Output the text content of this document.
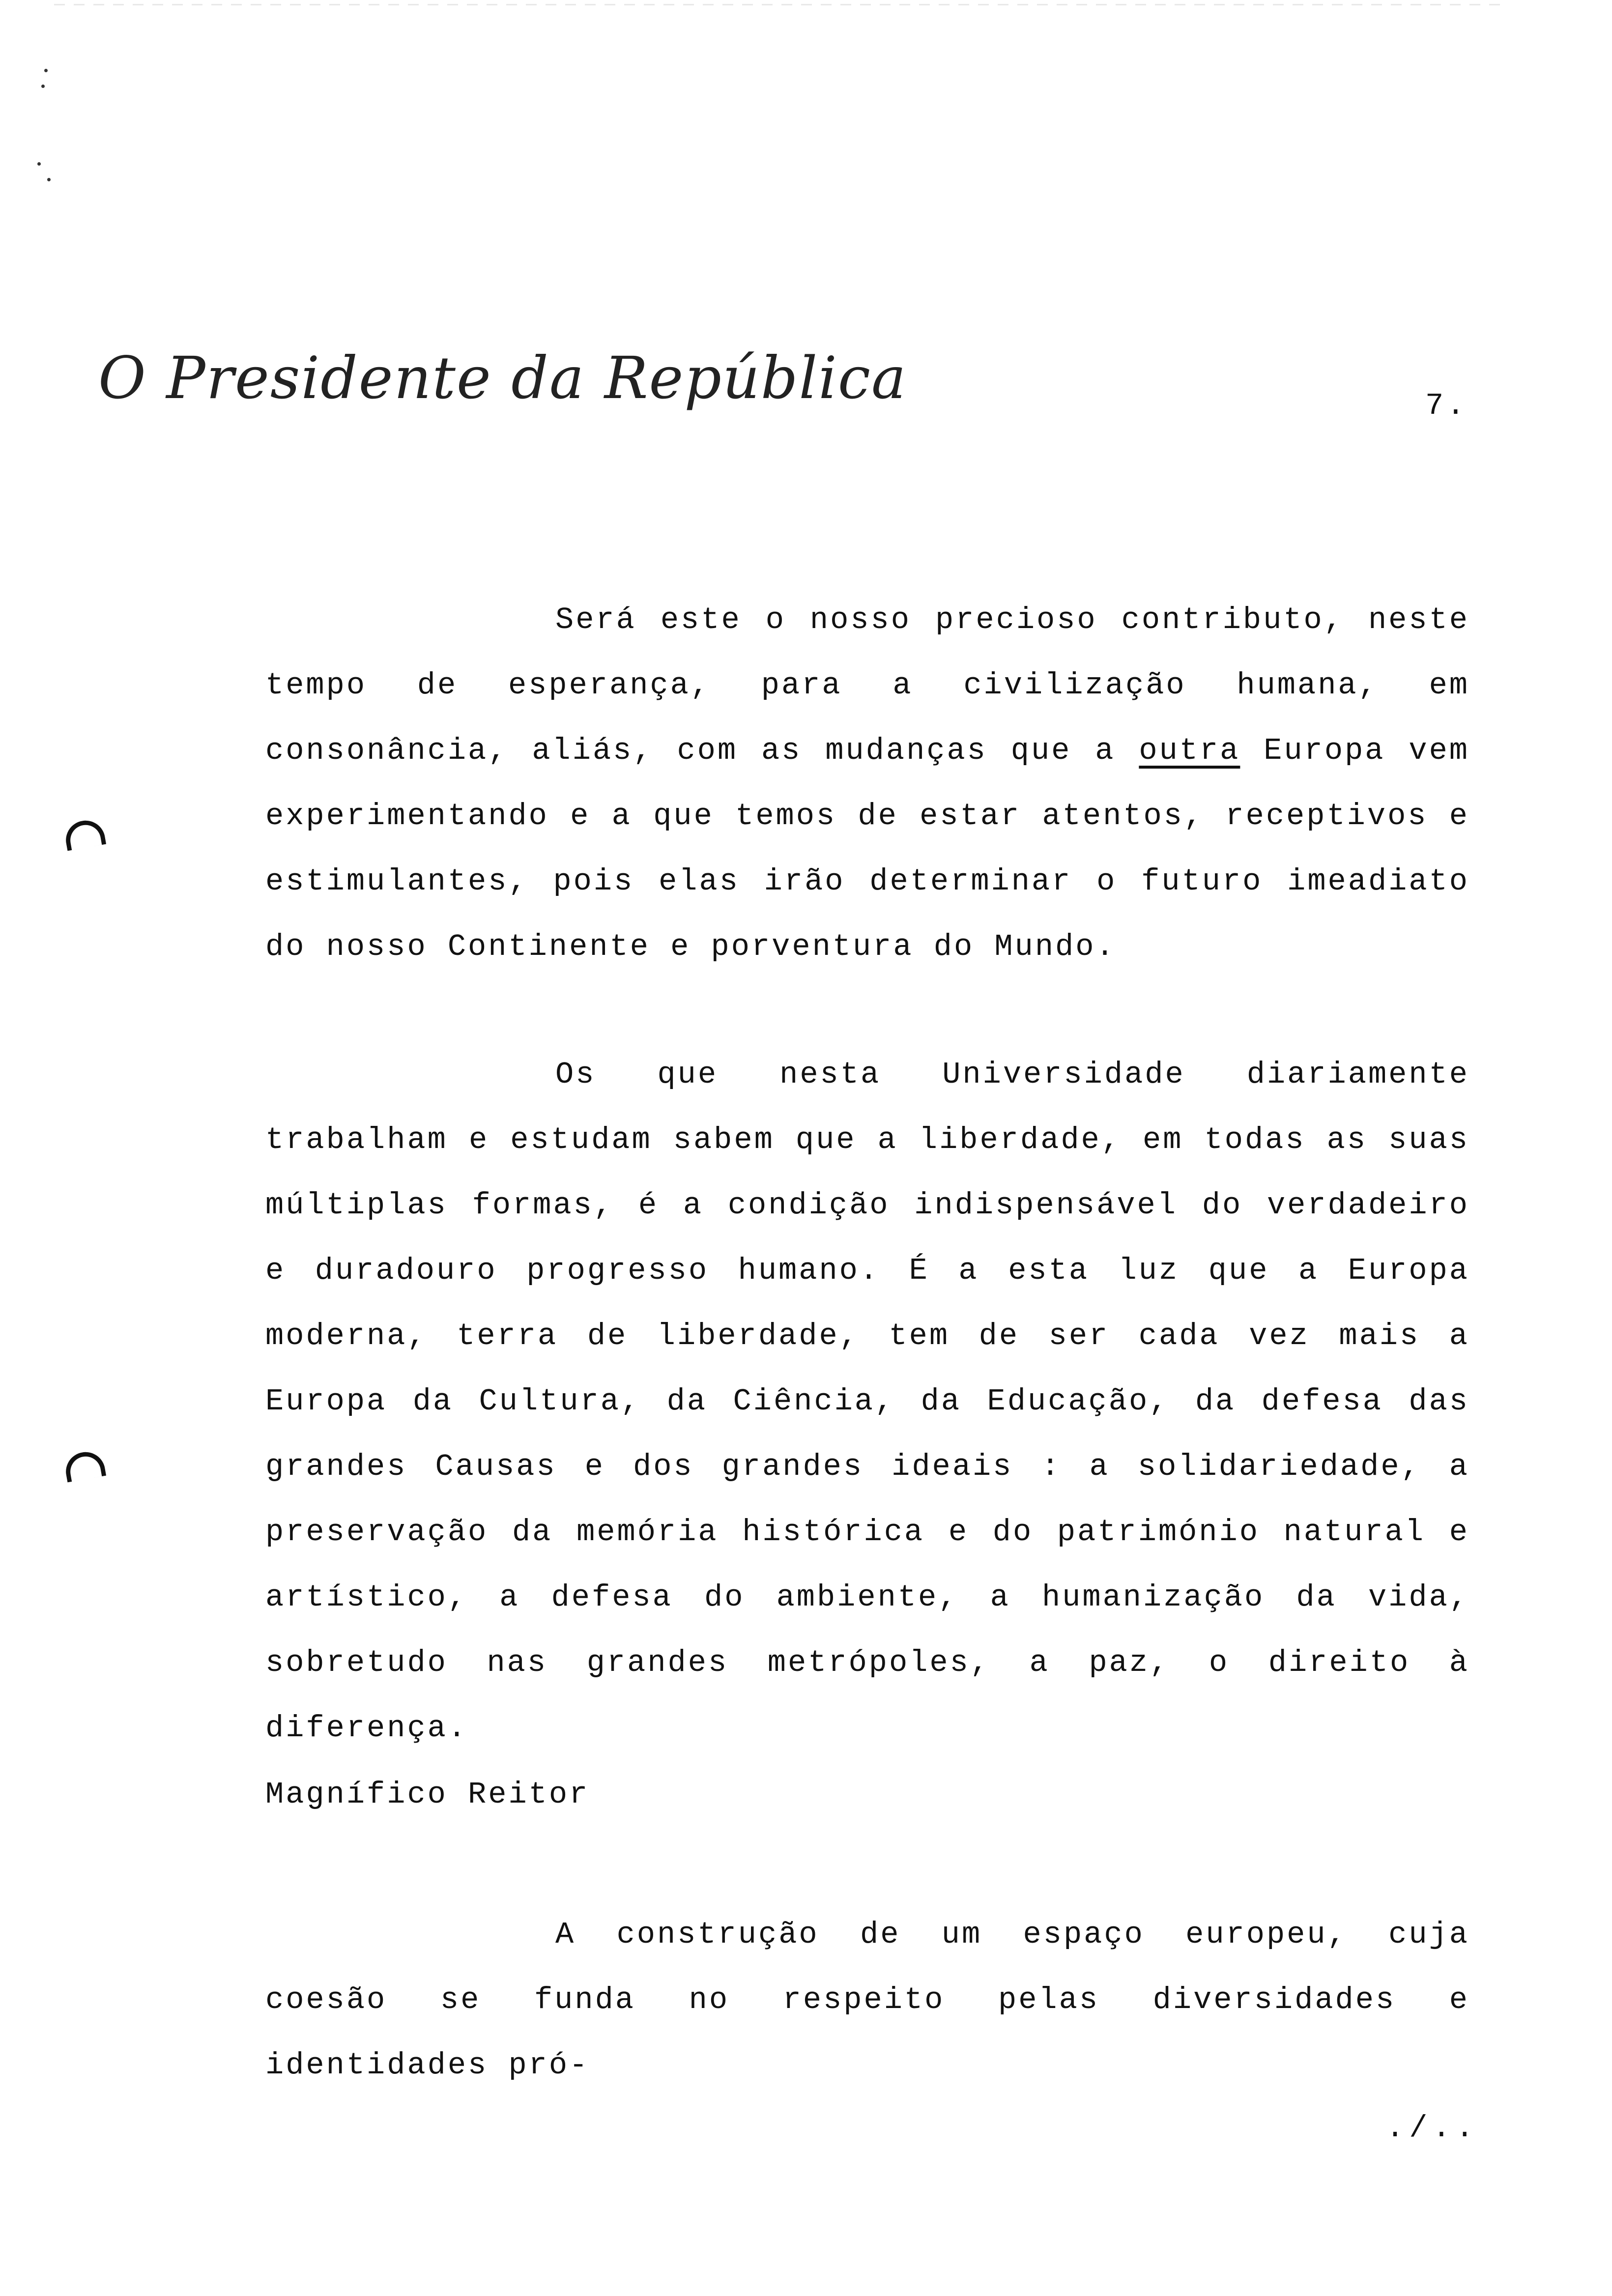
O Presidente da República	7.
Será este o nosso precioso contributo, neste tempo de esperança, para a civilização humana, em consonância, aliás, com as mudanças que a outra Europa vem experimentando e a que temos de estar atentos, receptivos e estimulantes, pois elas irão determinar o futuro imeadiato do nosso Continente e porventura do Mundo.
Os que nesta Universidade diariamente trabalham e estudam sabem que a liberdade, em todas as suas múltiplas formas, é a condição indispensável do verdadeiro e duradouro progresso humano. É a esta luz que a Europa moderna, terra de liberdade, tem de ser cada vez mais a Europa da Cultura, da Ciência, da Educação, da defesa das grandes Causas e dos grandes ideais : a solidariedade, a preservação da memória histórica e do património natural e artístico, a defesa do ambiente, a humanização da vida, sobretudo nas grandes metrópoles, a paz, o direito à diferença.
Magnífico Reitor
A construção de um espaço europeu, cuja coesão se funda no respeito pelas diversidades e identidades pró-
./..
